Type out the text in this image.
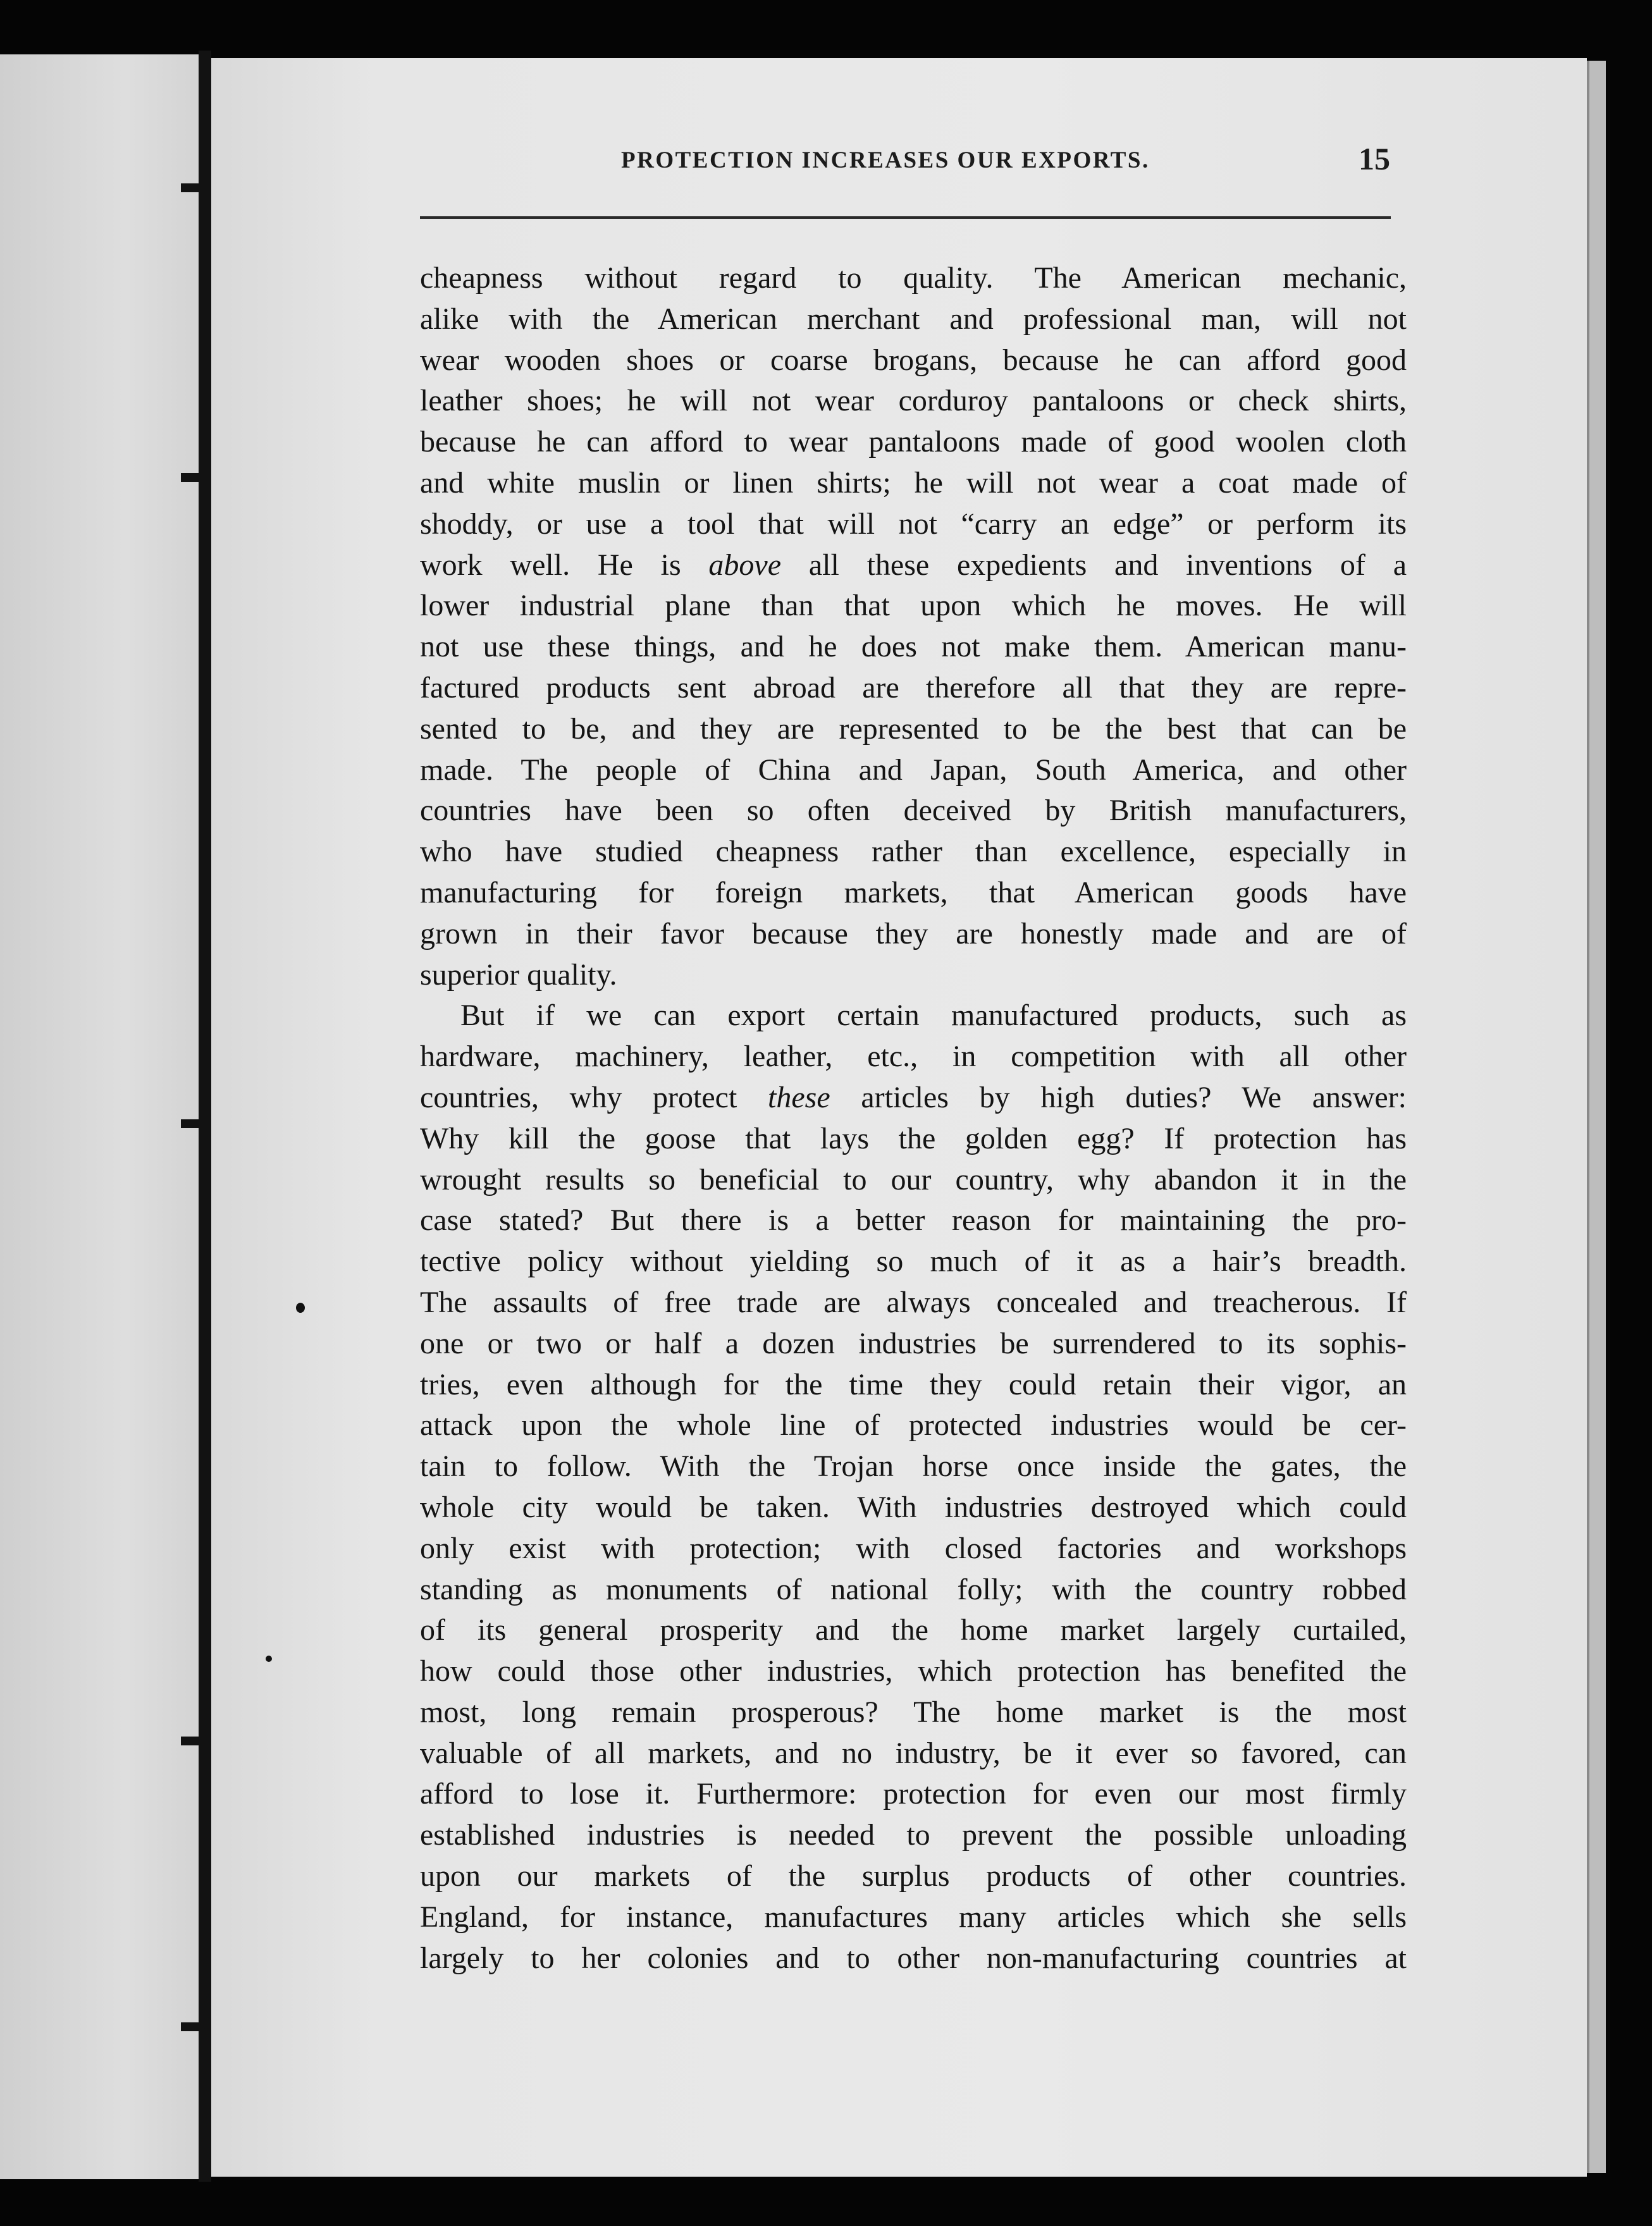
PROTECTION INCREASES OUR EXPORTS.	15
cheapness without regard to quality. The American mechanic,
alike with the American merchant and professional man, will not
wear wooden shoes or coarse brogans, because he can afford good
leather shoes; he will not wear corduroy pantaloons or check shirts,
because he can afford to wear pantaloons made of good woolen cloth
and white muslin or linen shirts; he will not wear a coat made of
shoddy, or use a tool that will not “carry an edge” or perform its
work well. He is above all these expedients and inventions of a
lower industrial plane than that upon which he moves. He will
not use these things, and he does not make them. American manu-
factured products sent abroad are therefore all that they are repre-
sented to be, and they are represented to be the best that can be
made. The people of China and Japan, South America, and other
countries have been so often deceived by British manufacturers,
who have studied cheapness rather than excellence, especially in
manufacturing for foreign markets, that American goods have
grown in their favor because they are honestly made and are of
superior quality.
But if we can export certain manufactured products, such as
hardware, machinery, leather, etc., in competition with all other
countries, why protect these articles by high duties? We answer:
Why kill the goose that lays the golden egg? If protection has
wrought results so beneficial to our country, why abandon it in the
case stated? But there is a better reason for maintaining the pro-
tective policy without yielding so much of it as a hair’s breadth.
The assaults of free trade are always concealed and treacherous. If
one or two or half a dozen industries be surrendered to its sophis-
tries, even although for the time they could retain their vigor, an
attack upon the whole line of protected industries would be cer-
tain to follow. With the Trojan horse once inside the gates, the
whole city would be taken. With industries destroyed which could
only exist with protection; with closed factories and workshops
standing as monuments of national folly; with the country robbed
of its general prosperity and the home market largely curtailed,
how could those other industries, which protection has benefited the
most, long remain prosperous? The home market is the most
valuable of all markets, and no industry, be it ever so favored, can
afford to lose it. Furthermore: protection for even our most firmly
established industries is needed to prevent the possible unloading
upon our markets of the surplus products of other countries.
England, for instance, manufactures many articles which she sells
largely to her colonies and to other non-manufacturing countries at
